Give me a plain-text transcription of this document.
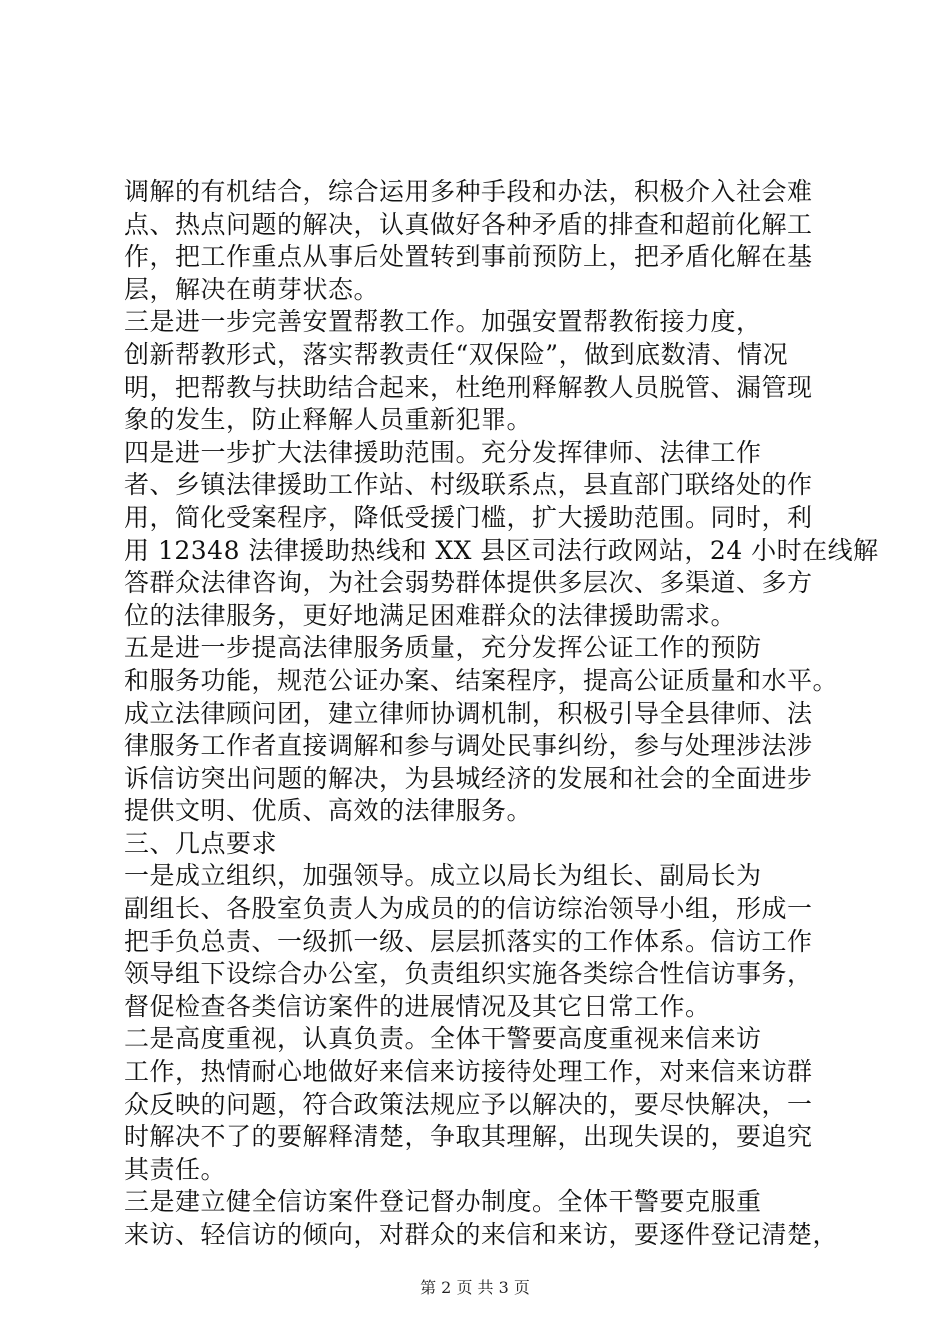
调解的有机结合，综合运用多种手段和办法，积极介入社会难
点、热点问题的解决，认真做好各种矛盾的排查和超前化解工
作，把工作重点从事后处置转到事前预防上，把矛盾化解在基
层，解决在萌芽状态。
三是进一步完善安置帮教工作。加强安置帮教衔接力度，
创新帮教形式，落实帮教责任“双保险”，做到底数清、情况
明，把帮教与扶助结合起来，杜绝刑释解教人员脱管、漏管现
象的发生，防止释解人员重新犯罪。
四是进一步扩大法律援助范围。充分发挥律师、法律工作
者、乡镇法律援助工作站、村级联系点，县直部门联络处的作
用，简化受案程序，降低受援门槛，扩大援助范围。同时，利
用 12348 法律援助热线和 XX 县区司法行政网站，24 小时在线解
答群众法律咨询，为社会弱势群体提供多层次、多渠道、多方
位的法律服务，更好地满足困难群众的法律援助需求。
五是进一步提高法律服务质量，充分发挥公证工作的预防
和服务功能，规范公证办案、结案程序，提高公证质量和水平。
成立法律顾问团，建立律师协调机制，积极引导全县律师、法
律服务工作者直接调解和参与调处民事纠纷，参与处理涉法涉
诉信访突出问题的解决，为县城经济的发展和社会的全面进步
提供文明、优质、高效的法律服务。
三、几点要求
一是成立组织，加强领导。成立以局长为组长、副局长为
副组长、各股室负责人为成员的的信访综治领导小组，形成一
把手负总责、一级抓一级、层层抓落实的工作体系。信访工作
领导组下设综合办公室，负责组织实施各类综合性信访事务，
督促检查各类信访案件的进展情况及其它日常工作。
二是高度重视，认真负责。全体干警要高度重视来信来访
工作，热情耐心地做好来信来访接待处理工作，对来信来访群
众反映的问题，符合政策法规应予以解决的，要尽快解决，一
时解决不了的要解释清楚，争取其理解，出现失误的，要追究
其责任。
三是建立健全信访案件登记督办制度。全体干警要克服重
来访、轻信访的倾向，对群众的来信和来访，要逐件登记清楚，
第 2 页 共 3 页
